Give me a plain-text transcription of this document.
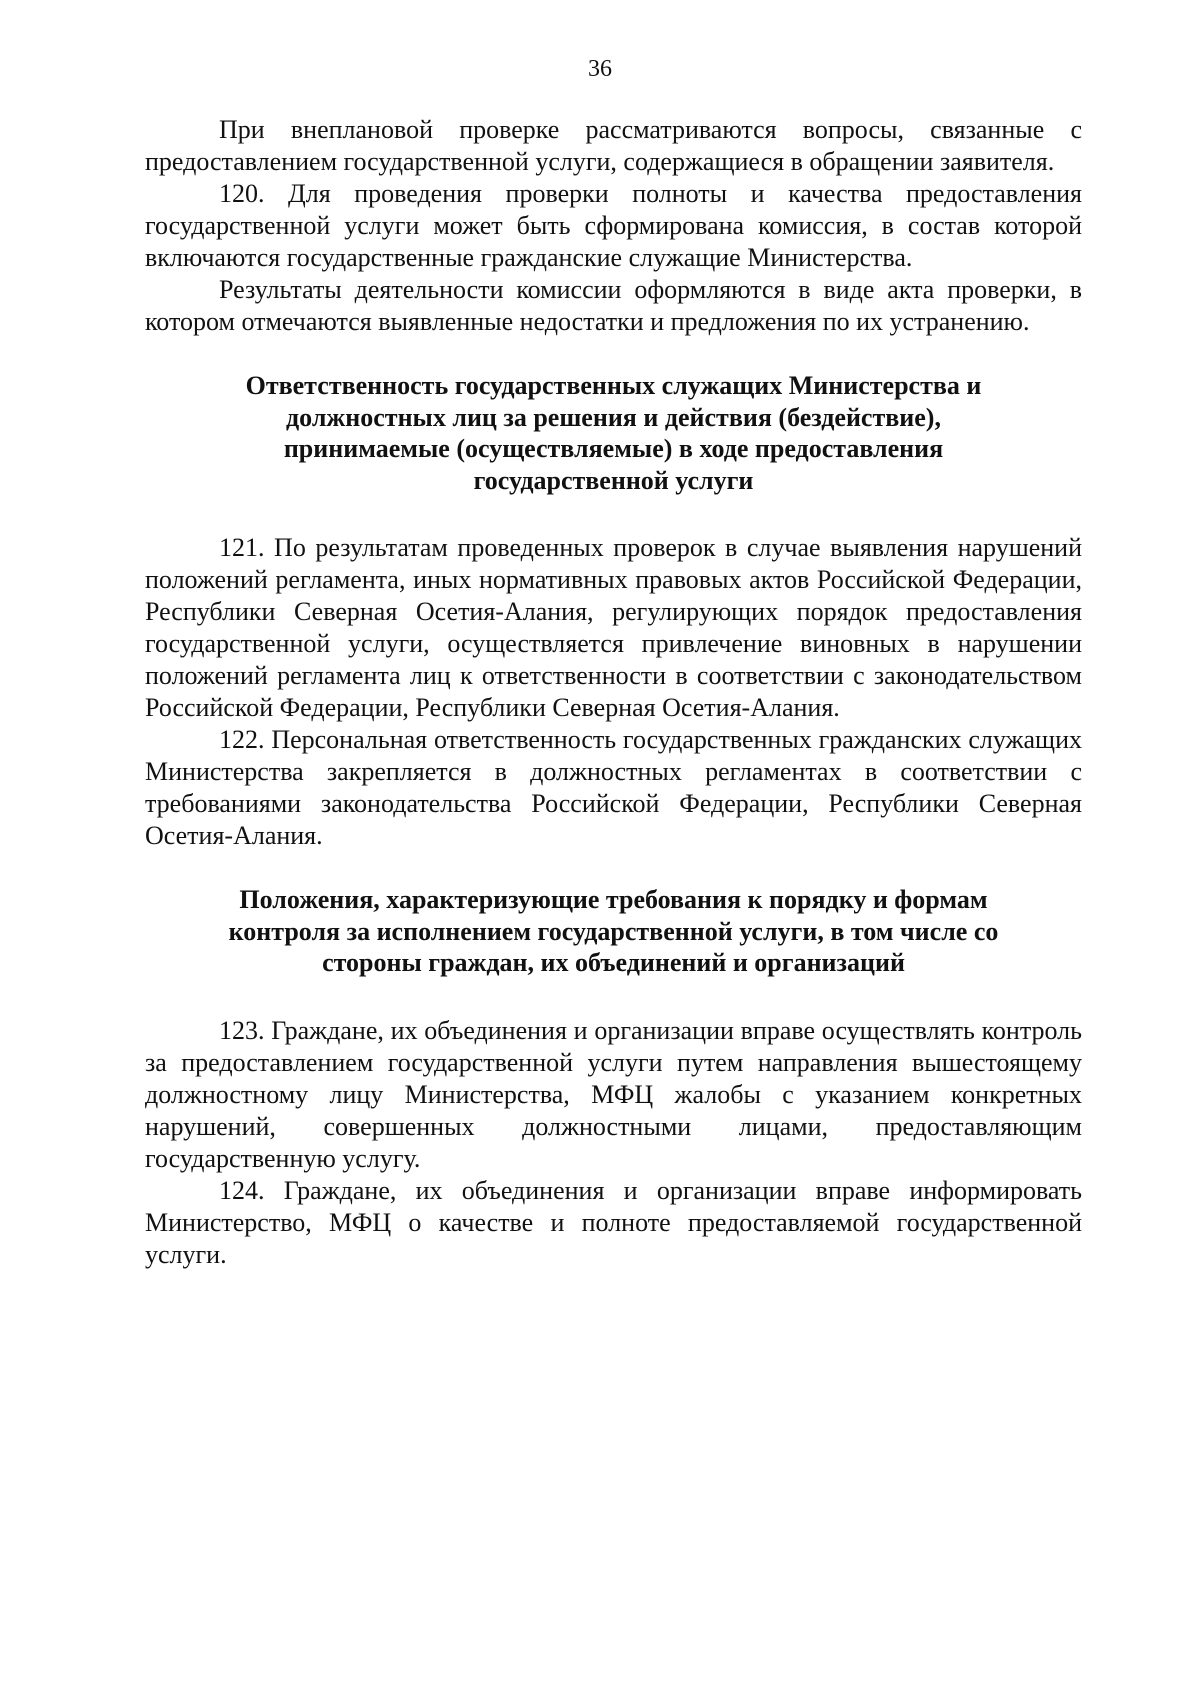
36

При внеплановой проверке рассматриваются вопросы, связанные с предоставлением государственной услуги, содержащиеся в обращении заявителя.

120. Для проведения проверки полноты и качества предоставления государственной услуги может быть сформирована комиссия, в состав которой включаются государственные гражданские служащие Министерства.

Результаты деятельности комиссии оформляются в виде акта проверки, в котором отмечаются выявленные недостатки и предложения по их устранению.

Ответственность государственных служащих Министерства и
должностных лиц за решения и действия (бездействие),
принимаемые (осуществляемые) в ходе предоставления
государственной услуги

121. По результатам проведенных проверок в случае выявления нарушений положений регламента, иных нормативных правовых актов Российской Федерации, Республики Северная Осетия-Алания, регулирующих порядок предоставления государственной услуги, осуществляется привлечение виновных в нарушении положений регламента лиц к ответственности в соответствии с законодательством Российской Федерации, Республики Северная Осетия-Алания.

122. Персональная ответственность государственных гражданских служащих Министерства закрепляется в должностных регламентах в соответствии с требованиями законодательства Российской Федерации, Республики Северная Осетия-Алания.

Положения, характеризующие требования к порядку и формам
контроля за исполнением государственной услуги, в том числе со
стороны граждан, их объединений и организаций

123. Граждане, их объединения и организации вправе осуществлять контроль за предоставлением государственной услуги путем направления вышестоящему должностному лицу Министерства, МФЦ жалобы с указанием конкретных нарушений, совершенных должностными лицами, предоставляющим государственную услугу.

124. Граждане, их объединения и организации вправе информировать Министерство, МФЦ о качестве и полноте предоставляемой государственной услуги.
